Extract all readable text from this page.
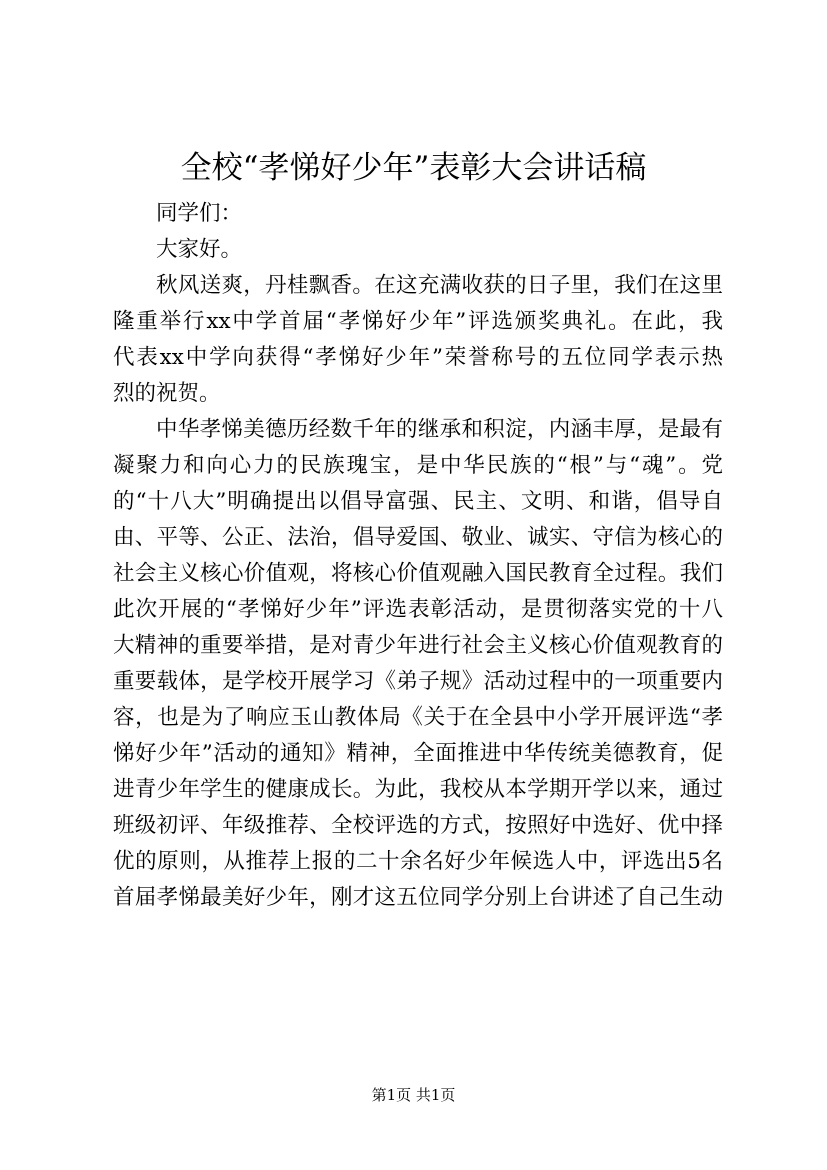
全校“孝悌好少年”表彰大会讲话稿
同学们：
大家好。
秋风送爽，丹桂飘香。在这充满收获的日子里，我们在这里
隆重举行xx中学首届“孝悌好少年”评选颁奖典礼。在此，我
代表xx中学向获得“孝悌好少年”荣誉称号的五位同学表示热
烈的祝贺。
中华孝悌美德历经数千年的继承和积淀，内涵丰厚，是最有
凝聚力和向心力的民族瑰宝，是中华民族的“根”与“魂”。党
的“十八大”明确提出以倡导富强、民主、文明、和谐，倡导自
由、平等、公正、法治，倡导爱国、敬业、诚实、守信为核心的
社会主义核心价值观，将核心价值观融入国民教育全过程。我们
此次开展的“孝悌好少年”评选表彰活动，是贯彻落实党的十八
大精神的重要举措，是对青少年进行社会主义核心价值观教育的
重要载体，是学校开展学习《弟子规》活动过程中的一项重要内
容，也是为了响应玉山教体局《关于在全县中小学开展评选“孝
悌好少年”活动的通知》精神，全面推进中华传统美德教育，促
进青少年学生的健康成长。为此，我校从本学期开学以来，通过
班级初评、年级推荐、全校评选的方式，按照好中选好、优中择
优的原则，从推荐上报的二十余名好少年候选人中，评选出5名
首届孝悌最美好少年，刚才这五位同学分别上台讲述了自己生动
第1页 共1页
